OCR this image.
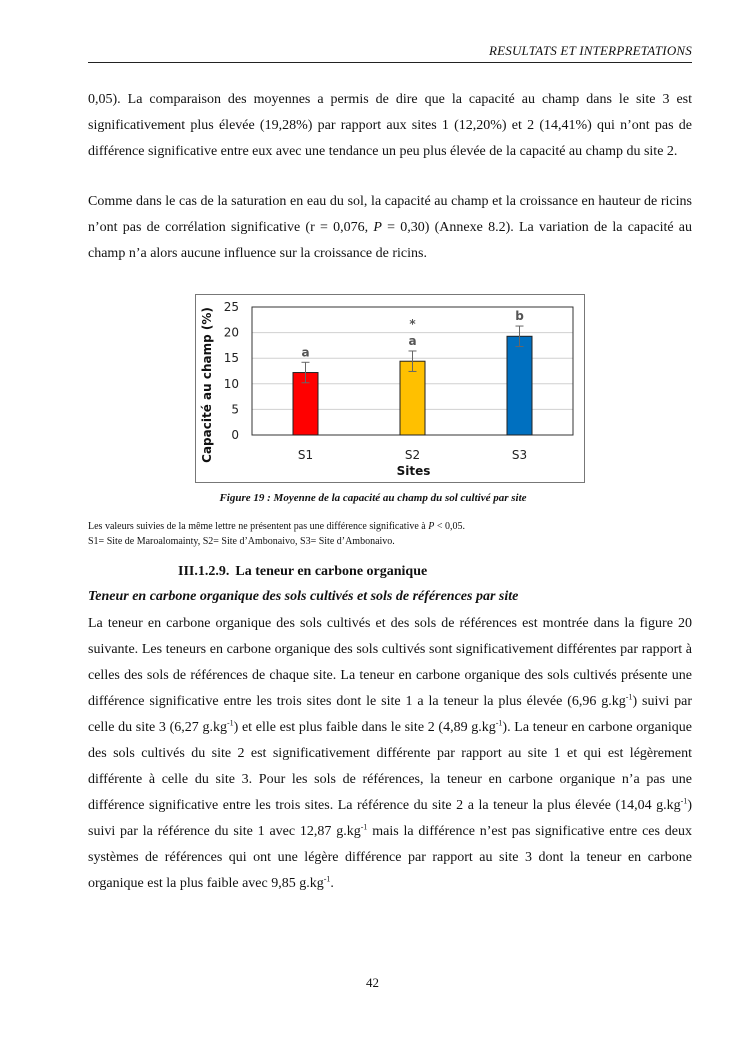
RESULTATS ET INTERPRETATIONS

0,05). La comparaison des moyennes a permis de dire que la capacité au champ dans le site 3 est significativement plus élevée (19,28%) par rapport aux sites 1 (12,20%) et 2 (14,41%) qui n’ont pas de différence significative entre eux avec une tendance un peu plus élevée de la capacité au champ du site 2.

Comme dans le cas de la saturation en eau du sol, la capacité au champ et la croissance en hauteur de ricins n’ont pas de corrélation significative (r = 0,076, P = 0,30) (Annexe 8.2). La variation de la capacité au champ n’a alors aucune influence sur la croissance de ricins.

0
5
10
15
20
25
a
S1
a
*
S2
b
S3
Sites
Capacité au champ (%)
Figure 19 : Moyenne de la capacité au champ du sol cultivé par site
Les valeurs suivies de la même lettre ne présentent pas une différence significative à P < 0,05.
S1= Site de Maroalomainty, S2= Site d’Ambonaivo, S3= Site d’Ambonaivo.
III.1.2.9. La teneur en carbone organique
Teneur en carbone organique des sols cultivés et sols de références par site

La teneur en carbone organique des sols cultivés et des sols de références est montrée dans la figure 20 suivante. Les teneurs en carbone organique des sols cultivés sont significativement différentes par rapport à celles des sols de références de chaque site. La teneur en carbone organique des sols cultivés présente une différence significative entre les trois sites dont le site 1 a la teneur la plus élevée (6,96 $g.kg^{-1}$) suivi par celle du site 3 (6,27 $g.kg^{-1}$) et elle est plus faible dans le site 2 (4,89 $g.kg^{-1}$). La teneur en carbone organique des sols cultivés du site 2 est significativement différente par rapport au site 1 et qui est légèrement différente à celle du site 3. Pour les sols de références, la teneur en carbone organique n’a pas une différence significative entre les trois sites. La référence du site 2 a la teneur la plus élevée (14,04 $g.kg^{-1}$) suivi par la référence du site 1 avec 12,87 $g.kg^{-1}$ mais la différence n’est pas significative entre ces deux systèmes de références qui ont une légère différence par rapport au site 3 dont la teneur en carbone organique est la plus faible avec 9,85 $g.kg^{-1}$.

42
